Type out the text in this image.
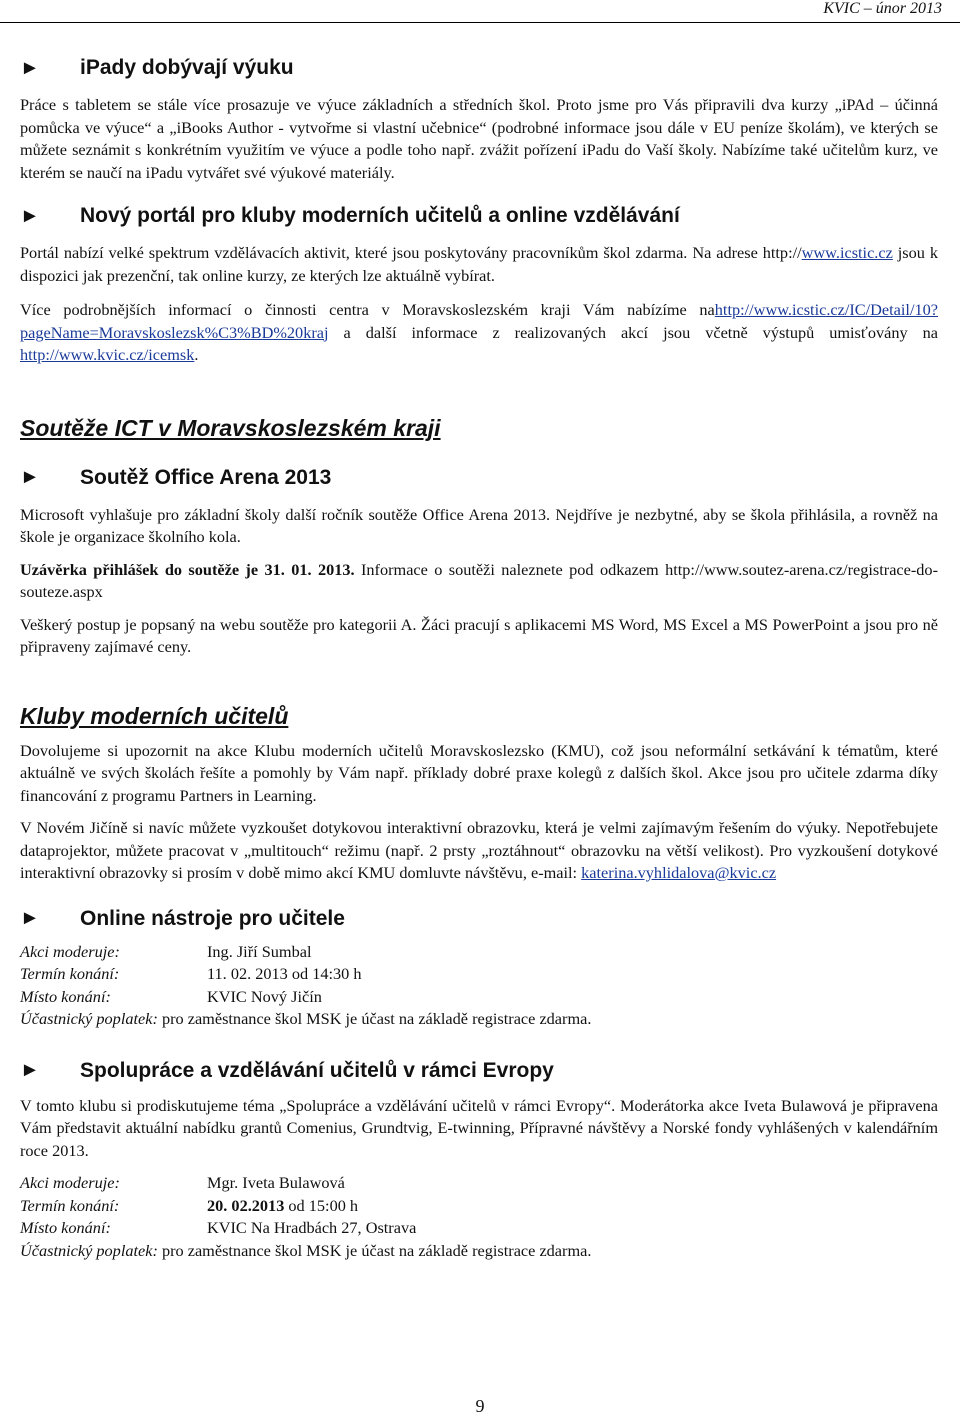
KVIC – únor 2013
►	iPady dobývají výuku

Práce s tabletem se stále více prosazuje ve výuce základních a středních škol. Proto jsme pro Vás připravili dva kurzy „iPAd – účinná pomůcka ve výuce“ a „iBooks Author - vytvořme si vlastní učebnice“ (podrobné informace jsou dále v EU peníze školám), ve kterých se můžete seznámit s konkrétním využitím ve výuce a podle toho např. zvážit pořízení iPadu do Vaší školy. Nabízíme také učitelům kurz, ve kterém se naučí na iPadu vytvářet své výukové materiály.

►	Nový portál pro kluby moderních učitelů a online vzdělávání

Portál nabízí velké spektrum vzdělávacích aktivit, které jsou poskytovány pracovníkům škol zdarma. Na adrese http://www.icstic.cz jsou k dispozici jak prezenční, tak online kurzy, ze kterých lze aktuálně vybírat.

Více podrobnějších informací o činnosti centra v Moravskoslezském kraji Vám nabízíme nahttp://www.icstic.cz/IC/Detail/10?pageName=Moravskoslezsk%C3%BD%20kraj a další informace z realizovaných akcí jsou včetně výstupů umisťovány na http://www.kvic.cz/icemsk.

Soutěže ICT v Moravskoslezském kraji
►	Soutěž Office Arena 2013

Microsoft vyhlašuje pro základní školy další ročník soutěže Office Arena 2013. Nejdříve je nezbytné, aby se škola přihlásila, a rovněž na škole je organizace školního kola.

Uzávěrka přihlášek do soutěže je 31. 01. 2013. Informace o soutěži naleznete pod odkazem http://www.soutez-arena.cz/registrace-do-souteze.aspx

Veškerý postup je popsaný na webu soutěže pro kategorii A. Žáci pracují s aplikacemi MS Word, MS Excel a MS PowerPoint a jsou pro ně připraveny zajímavé ceny.

Kluby moderních učitelů

Dovolujeme si upozornit na akce Klubu moderních učitelů Moravskoslezsko (KMU), což jsou neformální setkávání k tématům, které aktuálně ve svých školách řešíte a pomohly by Vám např. příklady dobré praxe kolegů z dalších škol. Akce jsou pro učitele zdarma díky financování z programu Partners in Learning.

V Novém Jičíně si navíc můžete vyzkoušet dotykovou interaktivní obrazovku, která je velmi zajímavým řešením do výuky. Nepotřebujete dataprojektor, můžete pracovat v „multitouch“ režimu (např. 2 prsty „roztáhnout“ obrazovku na větší velikost). Pro vyzkoušení dotykové interaktivní obrazovky si prosím v době mimo akcí KMU domluvte návštěvu, e-mail: katerina.vyhlidalova@kvic.cz

►	Online nástroje pro učitele
Akci moderuje:	Ing. Jiří Sumbal
Termín konání:	11. 02. 2013 od 14:30 h
Místo konání:	KVIC Nový Jičín
Účastnický poplatek: pro zaměstnance škol MSK je účast na základě registrace zdarma.
►	Spolupráce a vzdělávání učitelů v rámci Evropy

V tomto klubu si prodiskutujeme téma „Spolupráce a vzdělávání učitelů v rámci Evropy“. Moderátorka akce Iveta Bulawová je připravena Vám představit aktuální nabídku grantů Comenius, Grundtvig, E-twinning, Přípravné návštěvy a Norské fondy vyhlášených v kalendářním roce 2013.

Akci moderuje:	Mgr. Iveta Bulawová
Termín konání:	20. 02.2013 od 15:00 h
Místo konání:	KVIC Na Hradbách 27, Ostrava
Účastnický poplatek: pro zaměstnance škol MSK je účast na základě registrace zdarma.
9
